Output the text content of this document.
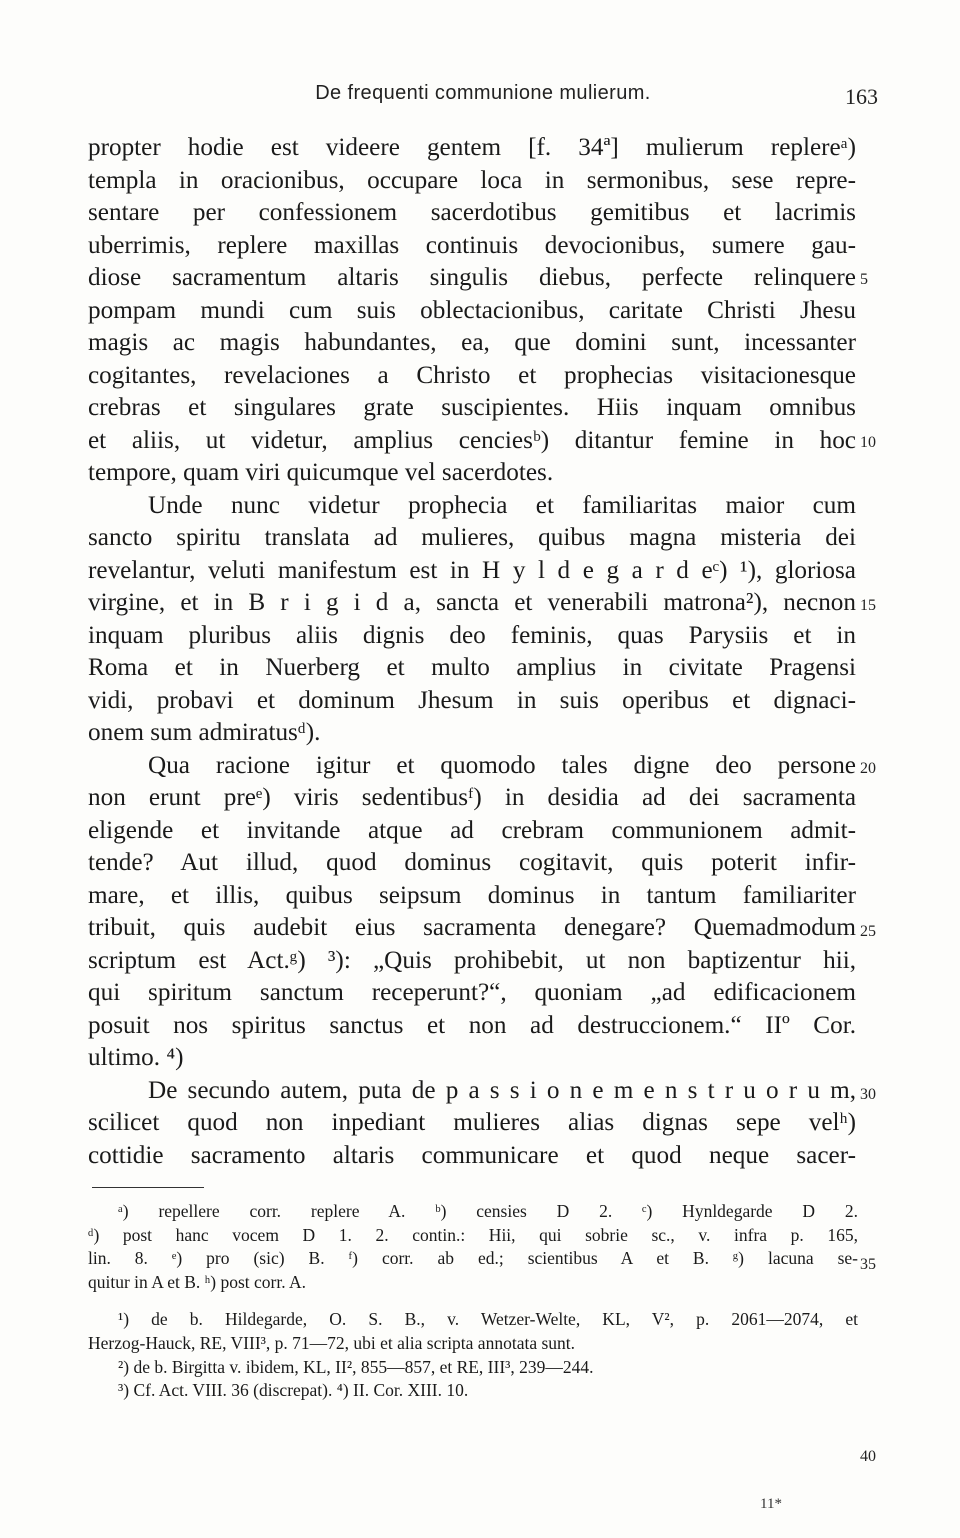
De frequenti communione mulierum.	163
propter hodie est videere gentem [f. 34ª] mulierum replereᵃ)
templa in oracionibus, occupare loca in sermonibus, sese repre-
sentare per confessionem sacerdotibus gemitibus et lacrimis
uberrimis, replere maxillas continuis devocionibus, sumere gau-
diose sacramentum altaris singulis diebus, perfecte relinquere
pompam mundi cum suis oblectacionibus, caritate Christi Jhesu
magis ac magis habundantes, ea, que domini sunt, incessanter
cogitantes, revelaciones a Christo et prophecias visitacionesque
crebras et singulares grate suscipientes. Hiis inquam omnibus
et aliis, ut videtur, amplius cenciesᵇ) ditantur femine in hoc
tempore, quam viri quicumque vel sacerdotes.
Unde nunc videtur prophecia et familiaritas maior cum
sancto spiritu translata ad mulieres, quibus magna misteria dei
revelantur, veluti manifestum est in H y l d e g a r d eᶜ) ¹), gloriosa
virgine, et in B r i g i d a, sancta et venerabili matrona²), necnon
inquam pluribus aliis dignis deo feminis, quas Parysiis et in
Roma et in Nuerberg et multo amplius in civitate Pragensi
vidi, probavi et dominum Jhesum in suis operibus et dignaci-
onem sum admiratusᵈ).
Qua racione igitur et quomodo tales digne deo persone
non erunt preᵉ) viris sedentibusᶠ) in desidia ad dei sacramenta
eligende et invitande atque ad crebram communionem admit-
tende? Aut illud, quod dominus cogitavit, quis poterit infir-
mare, et illis, quibus seipsum dominus in tantum familiariter
tribuit, quis audebit eius sacramenta denegare? Quemadmodum
scriptum est Act.ᵍ) ³): „Quis prohibebit, ut non baptizentur hii,
qui spiritum sanctum receperunt?“, quoniam „ad edificacionem
posuit nos spiritus sanctus et non ad destruccionem.“ IIº Cor.
ultimo. ⁴)
De secundo autem, puta de p a s s i o n e m e n s t r u o r u m,
scilicet quod non inpediant mulieres alias dignas sepe velʰ)
cottidie sacramento altaris communicare et quod neque sacer-
5
10
15
20
25
30
35
40
ᵃ) repellere corr. replere A. ᵇ) censies D 2. ᶜ) Hynldegarde D 2.
ᵈ) post hanc vocem D 1. 2. contin.: Hii, qui sobrie sc., v. infra p. 165,
lin. 8. ᵉ) pro (sic) B. ᶠ) corr. ab ed.; scientibus A et B. ᵍ) lacuna se-
quitur in A et B. ʰ) post corr. A.
¹) de b. Hildegarde, O. S. B., v. Wetzer-Welte, KL, V², p. 2061—2074, et
Herzog-Hauck, RE, VIII³, p. 71—72, ubi et alia scripta annotata sunt.
²) de b. Birgitta v. ibidem, KL, II², 855—857, et RE, III³, 239—244.
³) Cf. Act. VIII. 36 (discrepat). ⁴) II. Cor. XIII. 10.
11*
